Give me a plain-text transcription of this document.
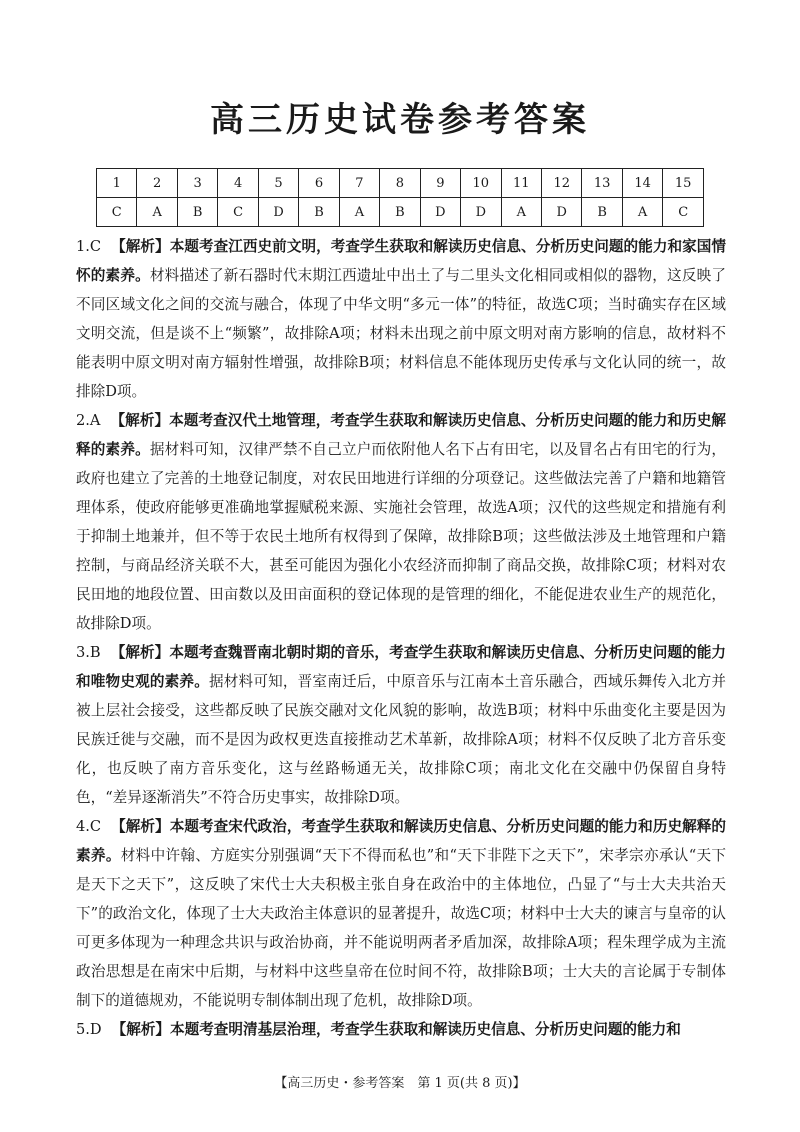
高三历史试卷参考答案
1	2	3	4	5	6	7	8	9	10	11	12	13	14	15
C	A	B	C	D	B	A	B	D	D	A	D	B	A	C

1.C 【解析】本题考查江西史前文明，考查学生获取和解读历史信息、分析历史问题的能力和家国情怀的素养。材料描述了新石器时代末期江西遗址中出土了与二里头文化相同或相似的器物，这反映了不同区域文化之间的交流与融合，体现了中华文明“多元一体”的特征，故选C项；当时确实存在区域文明交流，但是谈不上“频繁”，故排除A项；材料未出现之前中原文明对南方影响的信息，故材料不能表明中原文明对南方辐射性增强，故排除B项；材料信息不能体现历史传承与文化认同的统一，故排除D项。

2.A 【解析】本题考查汉代土地管理，考查学生获取和解读历史信息、分析历史问题的能力和历史解释的素养。据材料可知，汉律严禁不自己立户而依附他人名下占有田宅，以及冒名占有田宅的行为，政府也建立了完善的土地登记制度，对农民田地进行详细的分项登记。这些做法完善了户籍和地籍管理体系，使政府能够更准确地掌握赋税来源、实施社会管理，故选A项；汉代的这些规定和措施有利于抑制土地兼并，但不等于农民土地所有权得到了保障，故排除B项；这些做法涉及土地管理和户籍控制，与商品经济关联不大，甚至可能因为强化小农经济而抑制了商品交换，故排除C项；材料对农民田地的地段位置、田亩数以及田亩面积的登记体现的是管理的细化，不能促进农业生产的规范化，故排除D项。

3.B 【解析】本题考查魏晋南北朝时期的音乐，考查学生获取和解读历史信息、分析历史问题的能力和唯物史观的素养。据材料可知，晋室南迁后，中原音乐与江南本土音乐融合，西域乐舞传入北方并被上层社会接受，这些都反映了民族交融对文化风貌的影响，故选B项；材料中乐曲变化主要是因为民族迁徙与交融，而不是因为政权更迭直接推动艺术革新，故排除A项；材料不仅反映了北方音乐变化，也反映了南方音乐变化，这与丝路畅通无关，故排除C项；南北文化在交融中仍保留自身特色，“差异逐渐消失”不符合历史事实，故排除D项。

4.C 【解析】本题考查宋代政治，考查学生获取和解读历史信息、分析历史问题的能力和历史解释的素养。材料中许翰、方庭实分别强调“天下不得而私也”和“天下非陛下之天下”，宋孝宗亦承认“天下是天下之天下”，这反映了宋代士大夫积极主张自身在政治中的主体地位，凸显了“与士大夫共治天下”的政治文化，体现了士大夫政治主体意识的显著提升，故选C项；材料中士大夫的谏言与皇帝的认可更多体现为一种理念共识与政治协商，并不能说明两者矛盾加深，故排除A项；程朱理学成为主流政治思想是在南宋中后期，与材料中这些皇帝在位时间不符，故排除B项；士大夫的言论属于专制体制下的道德规劝，不能说明专制体制出现了危机，故排除D项。

5.D 【解析】本题考查明清基层治理，考查学生获取和解读历史信息、分析历史问题的能力和

【高三历史・参考答案　第 1 页(共 8 页)】
